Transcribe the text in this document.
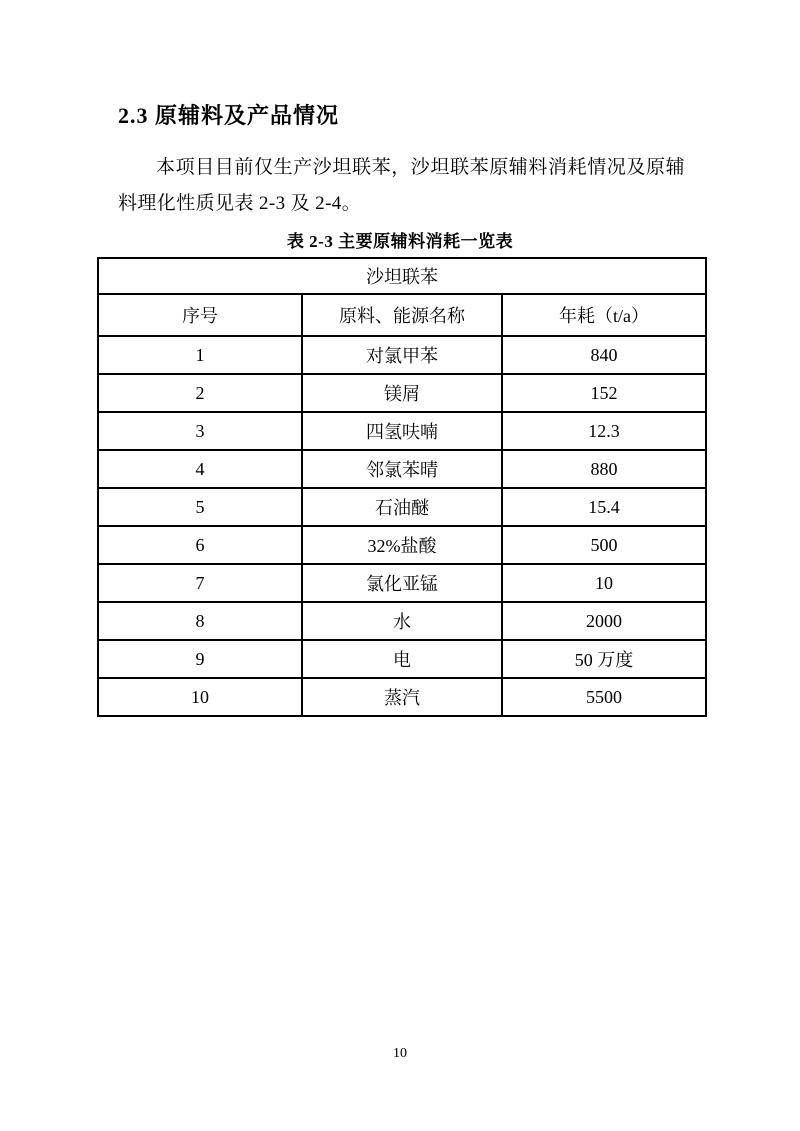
2.3 原辅料及产品情况
本项目目前仅生产沙坦联苯，沙坦联苯原辅料消耗情况及原辅
料理化性质见表 2-3 及 2-4。
表 2-3 主要原辅料消耗一览表
沙坦联苯		
序号	原料、能源名称	年耗（t/a）
1	对氯甲苯	840
2	镁屑	152
3	四氢呋喃	12.3
4	邻氯苯晴	880
5	石油醚	15.4
6	32%盐酸	500
7	氯化亚锰	10
8	水	2000
9	电	50 万度
10	蒸汽	5500
10
